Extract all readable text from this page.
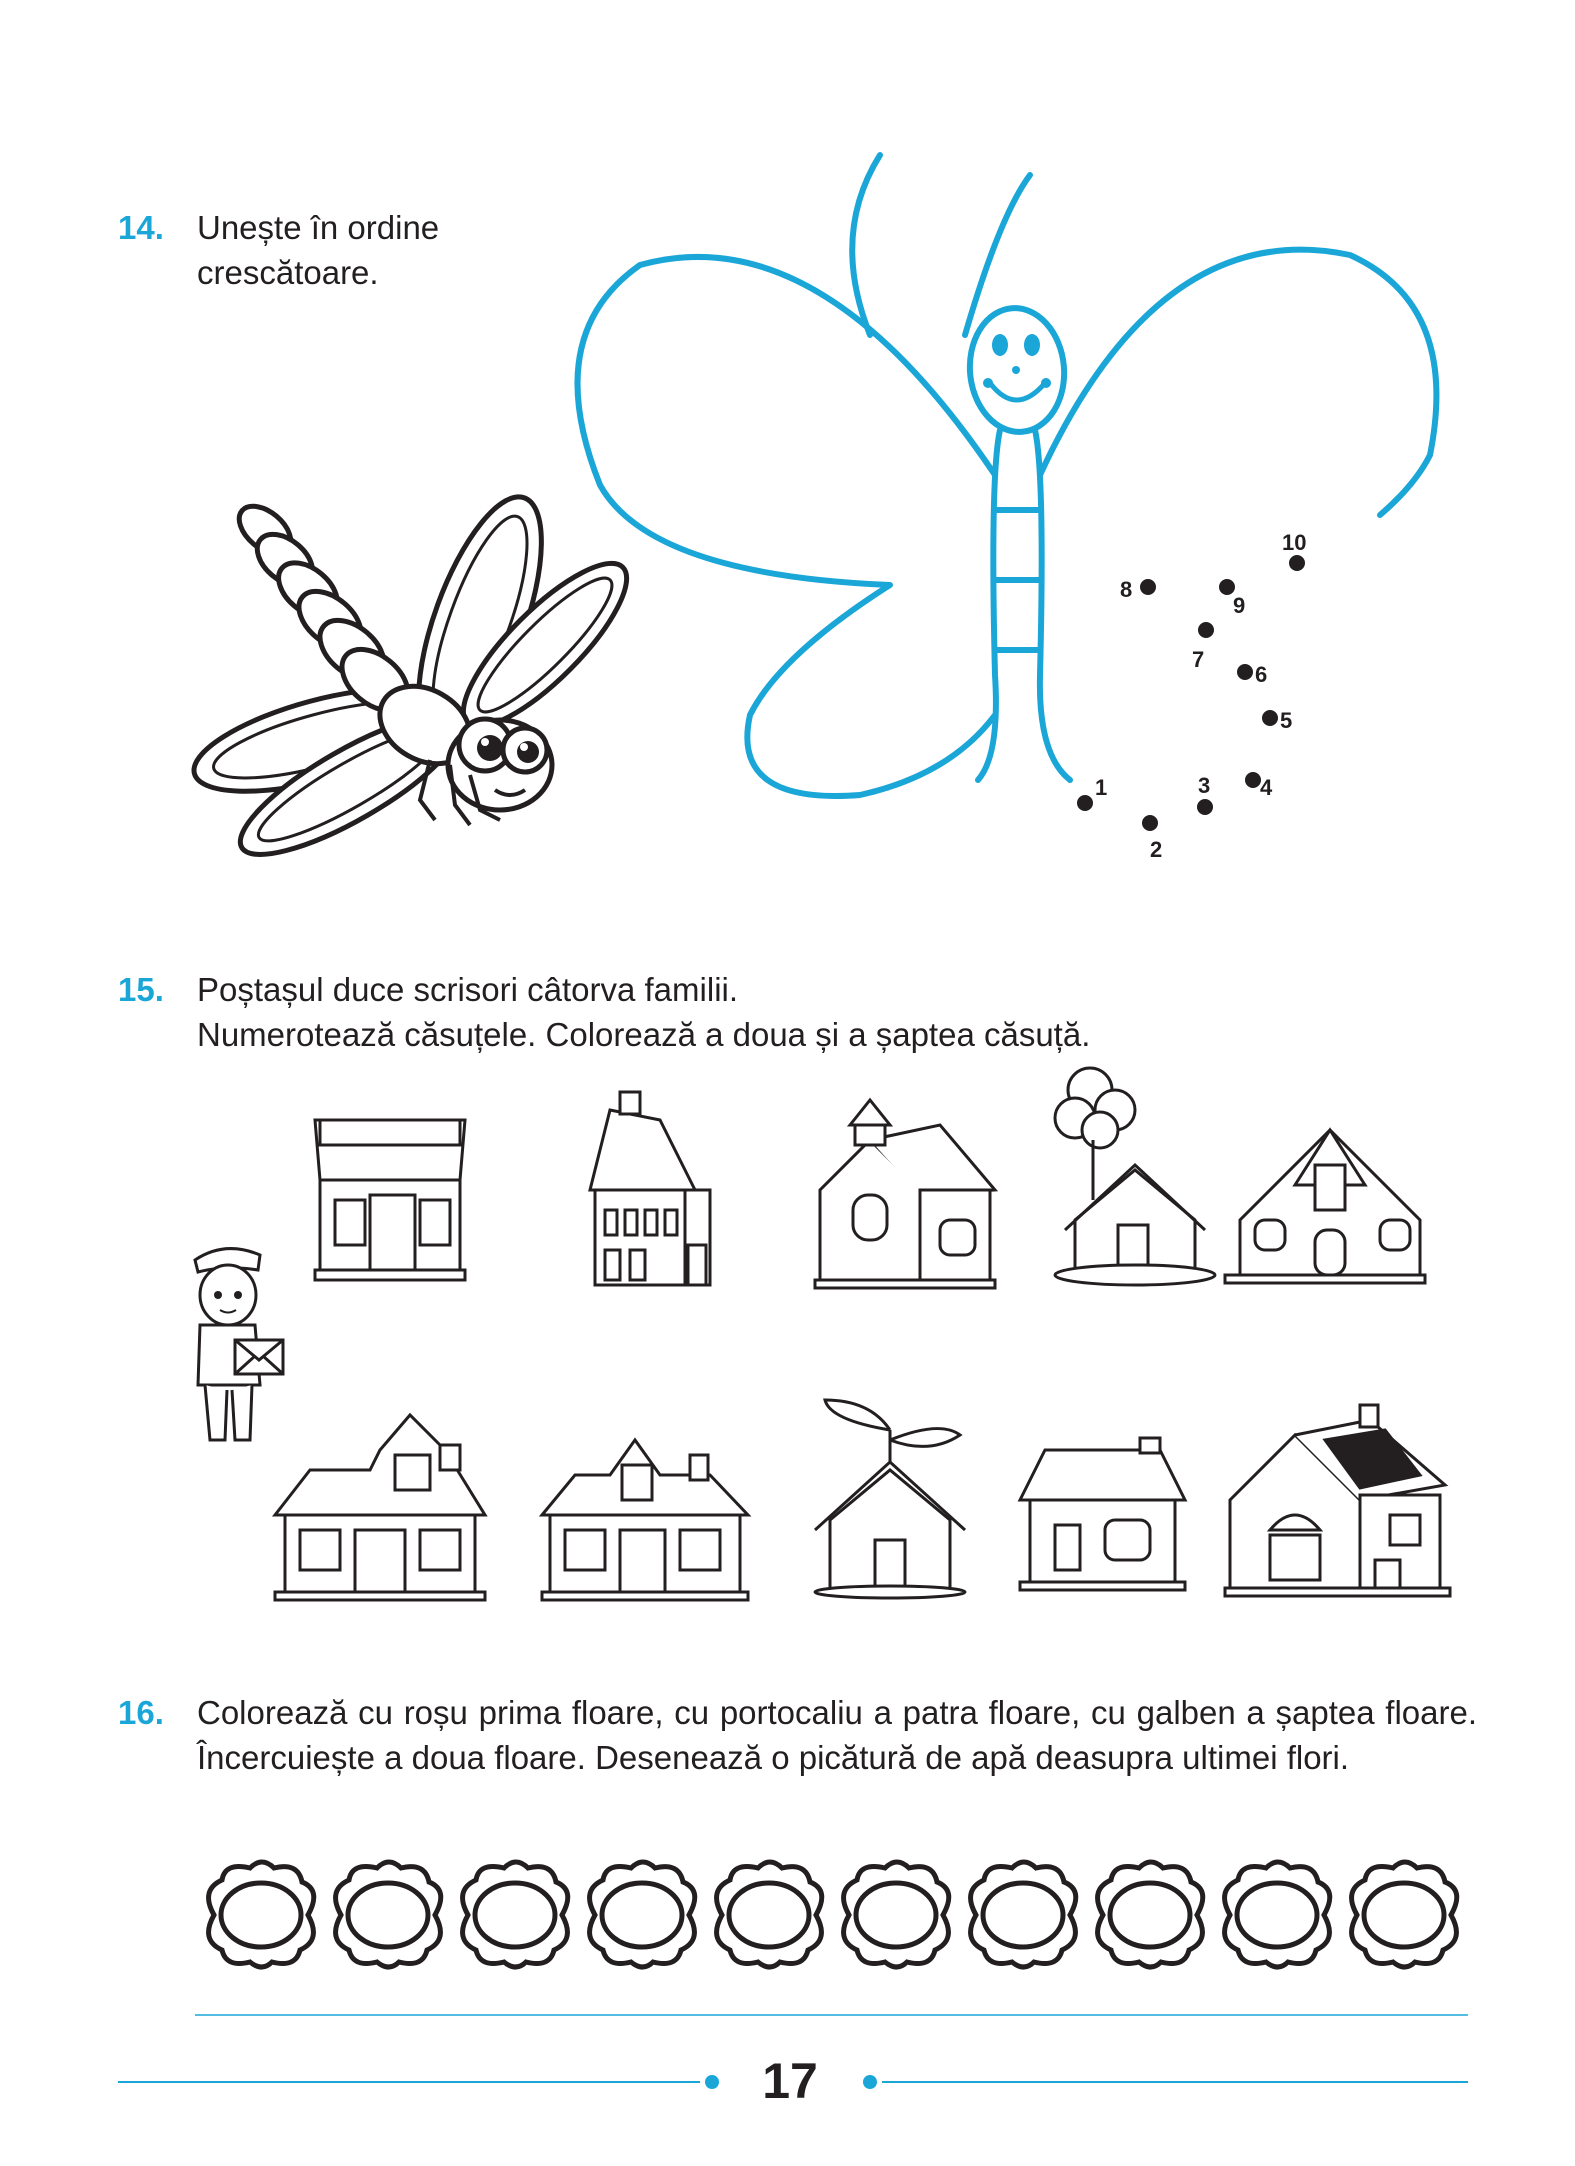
14. Unește în ordine
crescătoare.
1
2
3 4
5
6
7
8
9
10
15. Poștașul duce scrisori câtorva familii.
Numerotează căsuțele. Colorează a doua și a șaptea căsuță.
16. Colorează cu roșu prima floare, cu portocaliu a patra floare, cu galben a șaptea floare. Încercuiește a doua floare. Desenează o picătură de apă deasupra ultimei flori.
17
